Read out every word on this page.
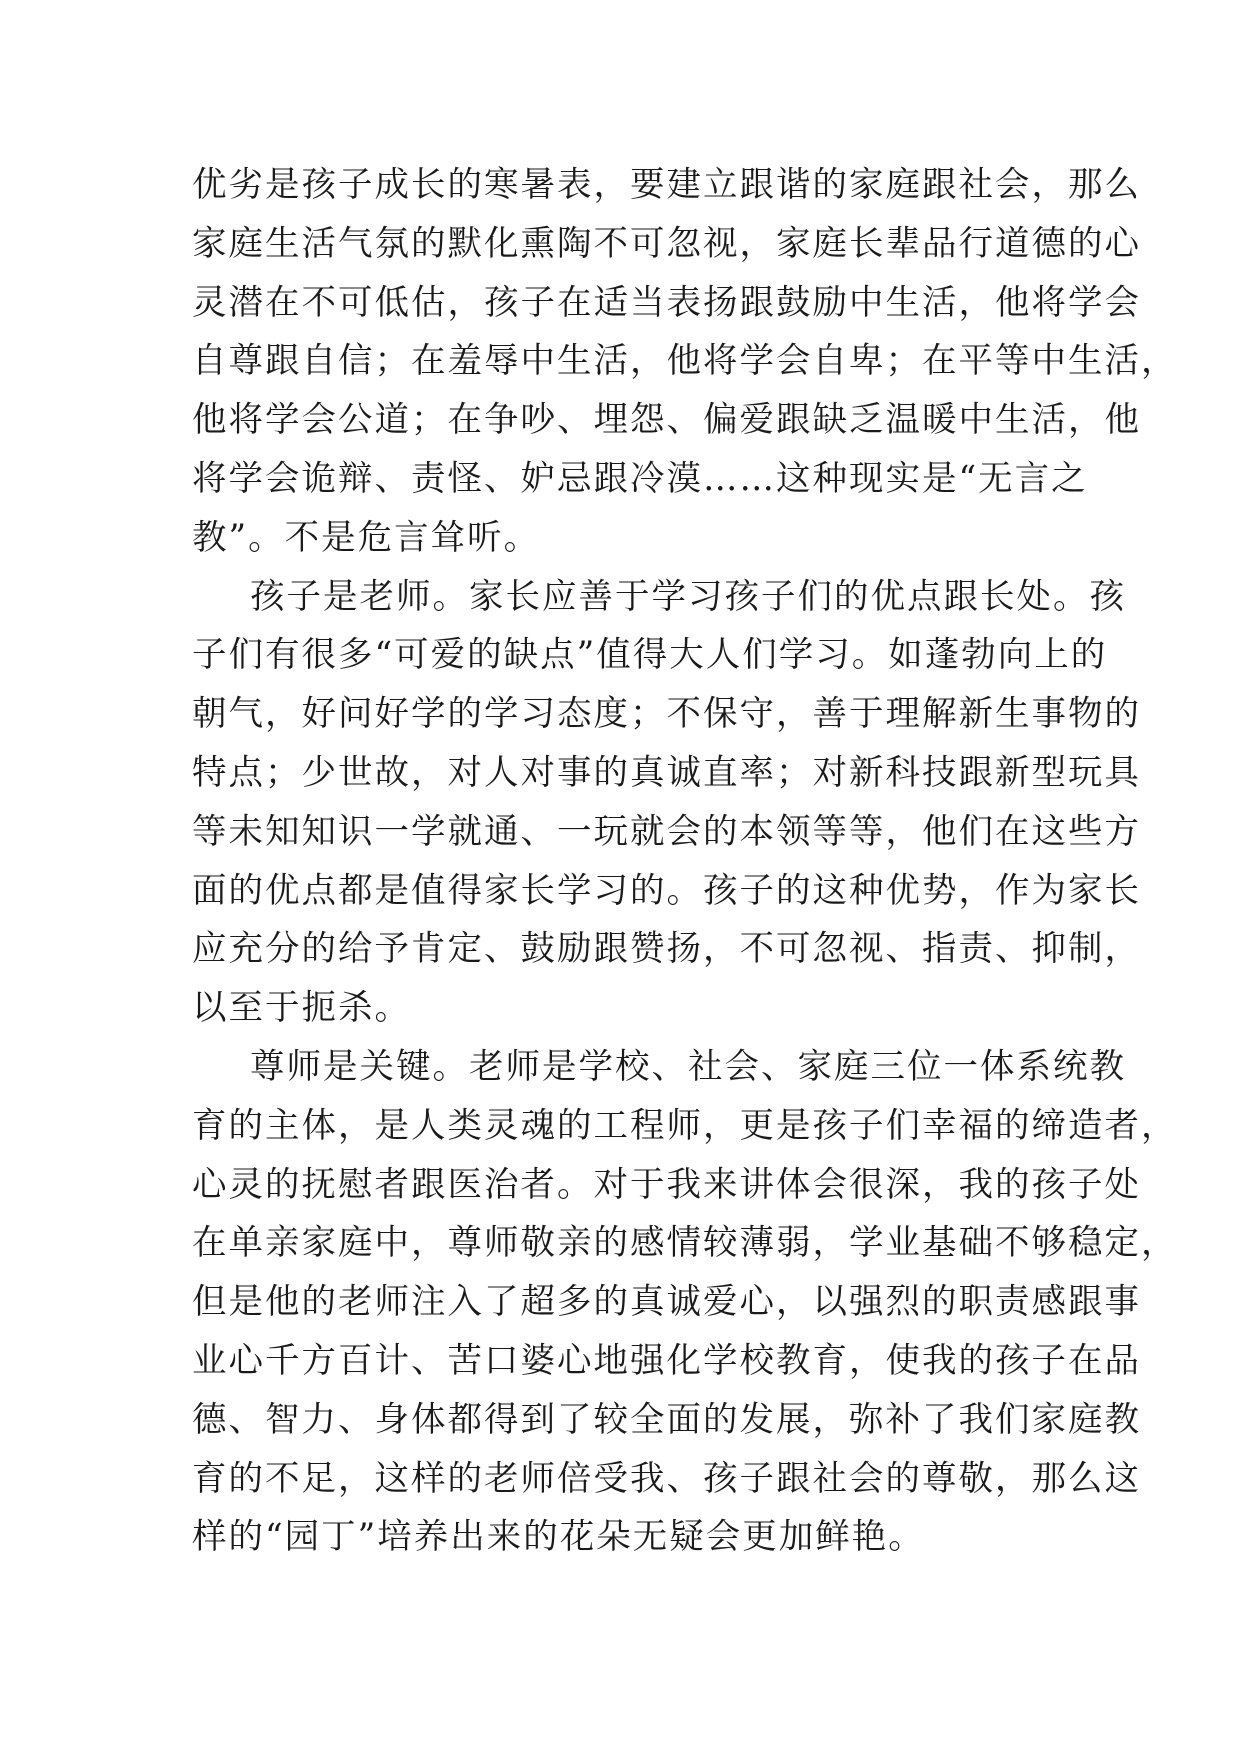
优劣是孩子成长的寒暑表，要建立跟谐的家庭跟社会，那么
家庭生活气氛的默化熏陶不可忽视，家庭长辈品行道德的心
灵潜在不可低估，孩子在适当表扬跟鼓励中生活，他将学会
自尊跟自信；在羞辱中生活，他将学会自卑；在平等中生活，
他将学会公道；在争吵、埋怨、偏爱跟缺乏温暖中生活，他
将学会诡辩、责怪、妒忌跟冷漠……这种现实是“无言之
教”。不是危言耸听。
孩子是老师。家长应善于学习孩子们的优点跟长处。孩
子们有很多“可爱的缺点”值得大人们学习。如蓬勃向上的
朝气，好问好学的学习态度；不保守，善于理解新生事物的
特点；少世故，对人对事的真诚直率；对新科技跟新型玩具
等未知知识一学就通、一玩就会的本领等等，他们在这些方
面的优点都是值得家长学习的。孩子的这种优势，作为家长
应充分的给予肯定、鼓励跟赞扬，不可忽视、指责、抑制，
以至于扼杀。
尊师是关键。老师是学校、社会、家庭三位一体系统教
育的主体，是人类灵魂的工程师，更是孩子们幸福的缔造者，
心灵的抚慰者跟医治者。对于我来讲体会很深，我的孩子处
在单亲家庭中，尊师敬亲的感情较薄弱，学业基础不够稳定，
但是他的老师注入了超多的真诚爱心，以强烈的职责感跟事
业心千方百计、苦口婆心地强化学校教育，使我的孩子在品
德、智力、身体都得到了较全面的发展，弥补了我们家庭教
育的不足，这样的老师倍受我、孩子跟社会的尊敬，那么这
样的“园丁”培养出来的花朵无疑会更加鲜艳。
